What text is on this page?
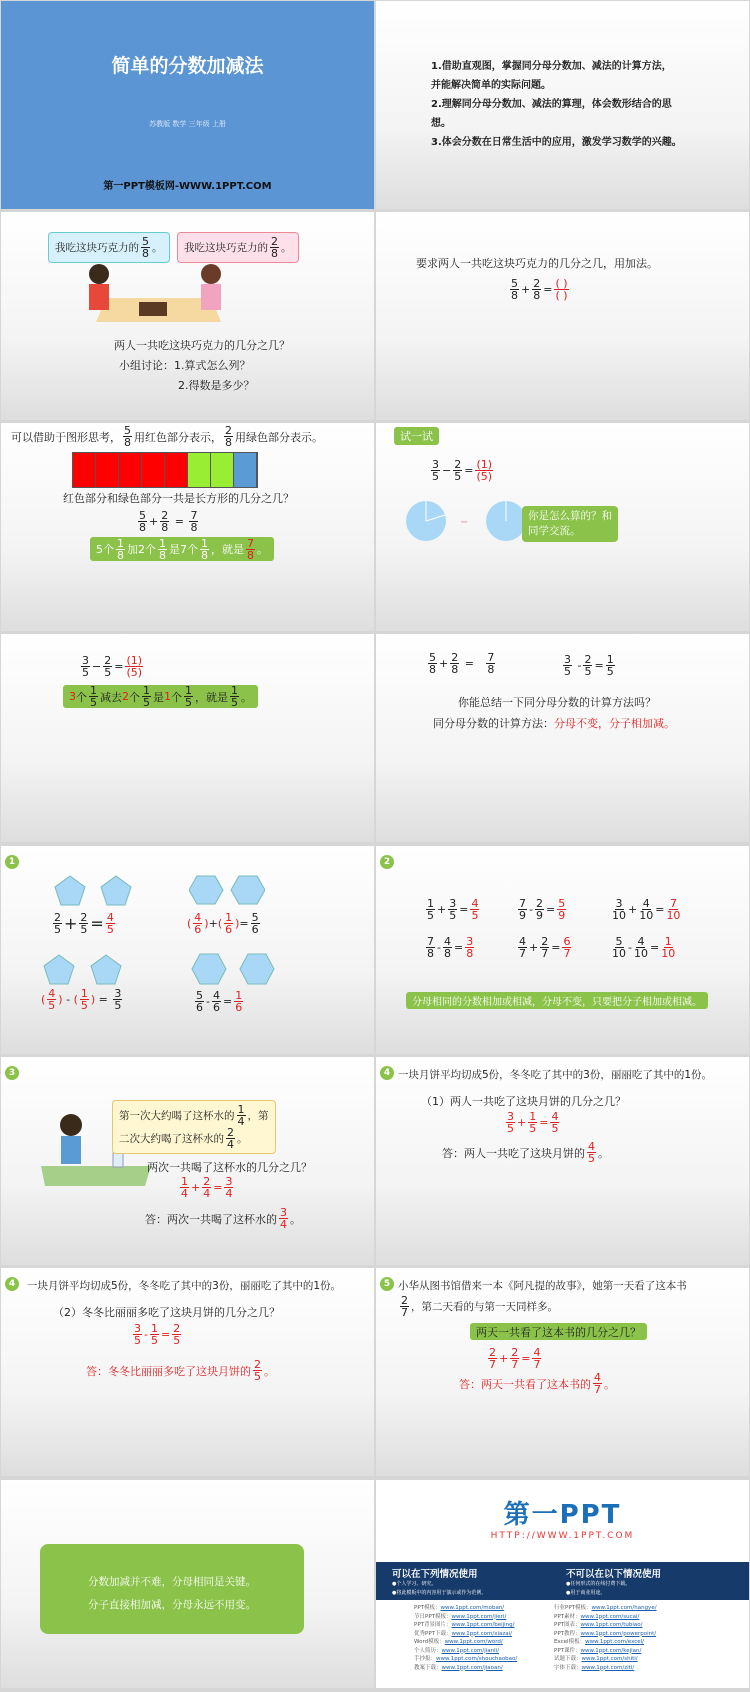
简单的分数加减法
苏教版 数学 三年级 上册
第一PPT模板网-WWW.1PPT.COM
1.借助直观图，掌握同分母分数加、减法的计算方法，
并能解决简单的实际问题。
2.理解同分母分数加、减法的算理，体会数形结合的思
想。
3.体会分数在日常生活中的应用，激发学习数学的兴趣。
我吃这块巧克力的 $\frac{5}{8}$ 。 我吃这块巧克力的 $\frac{2}{8}$ 。
两人一共吃这块巧克力的几分之几？
小组讨论：1.算式怎么列？
2.得数是多少？
要求两人一共吃这块巧克力的几分之几，用加法。
$\frac{5}{8} + \frac{2}{8} = \frac{( )}{( )}$
可以借助于图形思考， $\frac{5}{8}$ 用红色部分表示， $\frac{2}{8}$ 用绿色部分表示。
红色部分和绿色部分一共是长方形的几分之几？
$\frac{5}{8} + \frac{2}{8} = \frac{7}{8}$
5个 $\frac{1}{8}$ 加2个 $\frac{1}{8}$ 是7个 $\frac{1}{8}$ ，就是 $\frac{7}{8}$ 。
试一试
$\frac{3}{5} - \frac{2}{5} = \frac{(1)}{(5)}$
−
你是怎么算的？和
同学交流。
$\frac{3}{5} - \frac{2}{5} = \frac{(1)}{(5)}$
3 个 $\frac{1}{5}$ 减去 2 个 $\frac{1}{5}$ 是 1 个 $\frac{1}{5}$ ，就是 $\frac{1}{5}$ 。
$\frac{5}{8} + \frac{2}{8} = \frac{7}{8}$	$\frac{3}{5} - \frac{2}{5} = \frac{1}{5}$
你能总结一下同分母分数的计算方法吗？
同分母分数的计算方法：分母不变，分子相加减。
1
$\frac{2}{5} + \frac{2}{5} = \frac{4}{5}$	( $\frac{4}{6}$ ) + ( $\frac{1}{6}$ ) = $\frac{5}{6}$
( $\frac{4}{5}$ ) - ( $\frac{1}{5}$ ) = $\frac{3}{5}$	$\frac{5}{6} - \frac{4}{6} = \frac{1}{6}$
2
$\frac{1}{5} + \frac{3}{5} = \frac{4}{5}$	$\frac{7}{9} - \frac{2}{9} = \frac{5}{9}$	$\frac{3}{10} + \frac{4}{10} = \frac{7}{10}$
$\frac{7}{8} - \frac{4}{8} = \frac{3}{8}$	$\frac{4}{7} + \frac{2}{7} = \frac{6}{7}$	$\frac{5}{10} - \frac{4}{10} = \frac{1}{10}$
分母相同的分数相加或相减，分母不变，只要把分子相加或相减。
3
第一次大约喝了这杯水的 $\frac{1}{4}$ ，第
二次大约喝了这杯水的 $\frac{2}{4}$ 。
两次一共喝了这杯水的几分之几？
$\frac{1}{4} + \frac{2}{4} = \frac{3}{4}$
答：两次一共喝了这杯水的 $\frac{3}{4}$ 。
4 一块月饼平均切成5份，冬冬吃了其中的3份，丽丽吃了其中的1份。
（1）两人一共吃了这块月饼的几分之几？
$\frac{3}{5} + \frac{1}{5} = \frac{4}{5}$
答：两人一共吃了这块月饼的 $\frac{4}{5}$ 。
4	一块月饼平均切成5份，冬冬吃了其中的3份，丽丽吃了其中的1份。
（2）冬冬比丽丽多吃了这块月饼的几分之几？
$\frac{3}{5} - \frac{1}{5} = \frac{2}{5}$
答：冬冬比丽丽多吃了这块月饼的 $\frac{2}{5}$ 。
5 小华从图书馆借来一本《阿凡提的故事》，她第一天看了这本书
$\frac{2}{7}$ ，第二天看的与第一天同样多。
两天一共看了这本书的几分之几？
$\frac{2}{7} + \frac{2}{7} = \frac{4}{7}$
答：两天一共看了这本书的 $\frac{4}{7}$ 。
分数加减并不难，分母相同是关键。
分子直接相加减，分母永远不用变。
第一PPT
HTTP://WWW.1PPT.COM
可以在下列情况使用
●个人学习、研究。
●将此模板中的内容用于演示或作为范例。
不可以在以下情况使用
●任何形式的在线付费下载。
●用于商业用途。
PPT模板：www.1ppt.com/moban/
节日PPT模板：www.1ppt.com/jieri/
PPT背景图片：www.1ppt.com/beijing/
优秀PPT下载：www.1ppt.com/xiazai/
Word模板：www.1ppt.com/word/
个人简历：www.1ppt.com/jianli/
手抄报：www.1ppt.com/shouchaobao/
教案下载：www.1ppt.com/jiaoan/
行业PPT模板：www.1ppt.com/hangye/
PPT素材：www.1ppt.com/sucai/
PPT图表：www.1ppt.com/tubiao/
PPT教程：www.1ppt.com/powerpoint/
Excel模板：www.1ppt.com/excel/
PPT课件：www.1ppt.com/kejian/
试题下载：www.1ppt.com/shiti/
字体下载：www.1ppt.com/ziti/
